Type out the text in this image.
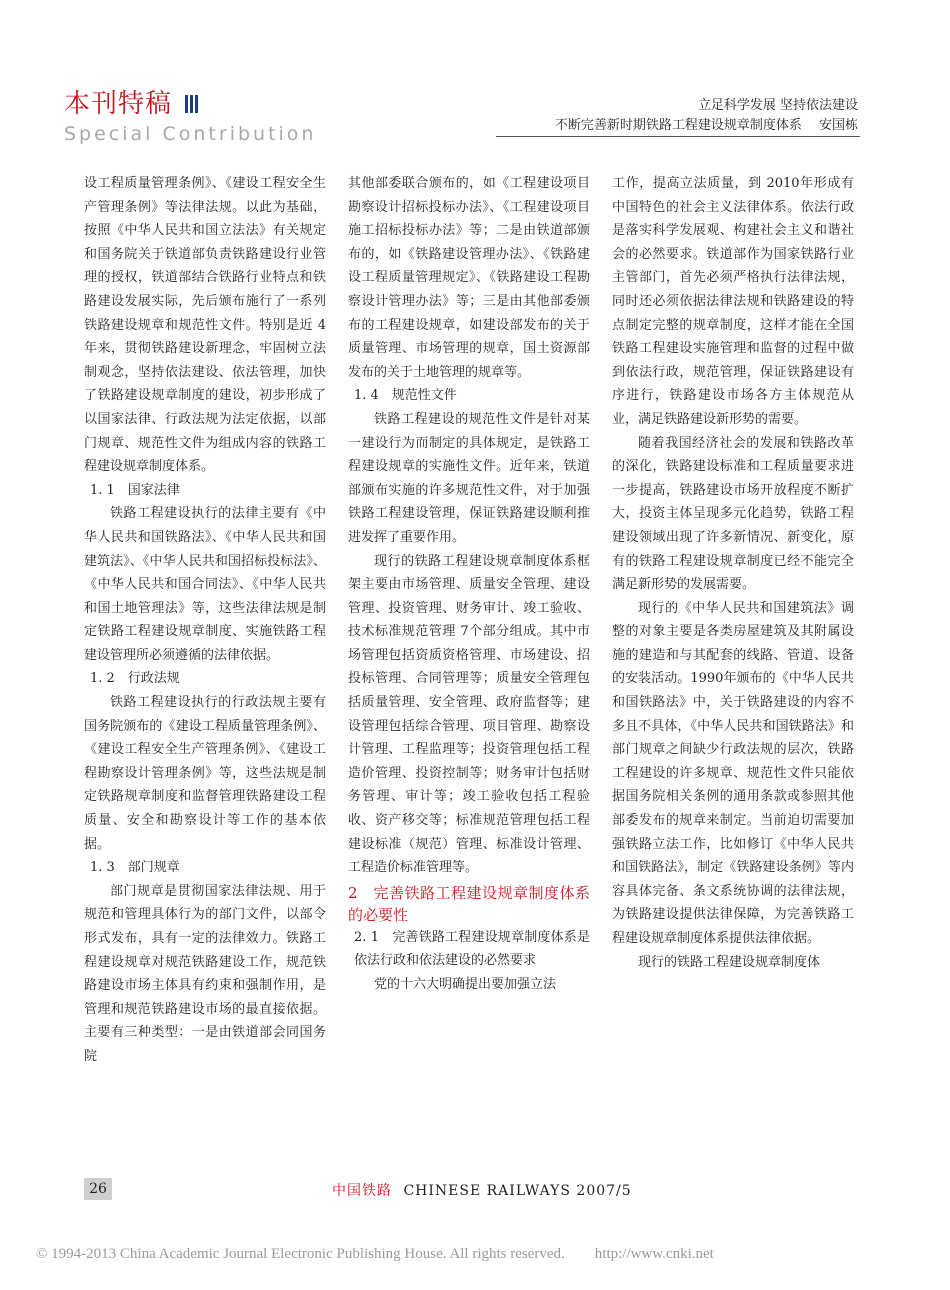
本刊特稿
Special Contribution
立足科学发展 坚持依法建设
不断完善新时期铁路工程建设规章制度体系　 安国栋

设工程质量管理条例》、《建设工程安全生产管理条例》等法律法规。以此为基础，按照《中华人民共和国立法法》有关规定和国务院关于铁道部负责铁路建设行业管理的授权，铁道部结合铁路行业特点和铁路建设发展实际，先后颁布施行了一系列铁路建设规章和规范性文件。特别是近 4年来，贯彻铁路建设新理念，牢固树立法制观念，坚持依法建设、依法管理，加快了铁路建设规章制度的建设，初步形成了以国家法律、行政法规为法定依据，以部门规章、规范性文件为组成内容的铁路工程建设规章制度体系。

1. 1　国家法律

铁路工程建设执行的法律主要有《中华人民共和国铁路法》、《中华人民共和国建筑法》、《中华人民共和国招标投标法》、《中华人民共和国合同法》、《中华人民共和国土地管理法》等，这些法律法规是制定铁路工程建设规章制度、实施铁路工程建设管理所必须遵循的法律依据。

1. 2　行政法规

铁路工程建设执行的行政法规主要有国务院颁布的《建设工程质量管理条例》、《建设工程安全生产管理条例》、《建设工程勘察设计管理条例》等，这些法规是制定铁路规章制度和监督管理铁路建设工程质量、安全和勘察设计等工作的基本依据。

1. 3　部门规章

部门规章是贯彻国家法律法规、用于规范和管理具体行为的部门文件，以部令形式发布，具有一定的法律效力。铁路工程建设规章对规范铁路建设工作，规范铁路建设市场主体具有约束和强制作用，是管理和规范铁路建设市场的最直接依据。主要有三种类型：一是由铁道部会同国务院

其他部委联合颁布的，如《工程建设项目勘察设计招标投标办法》、《工程建设项目施工招标投标办法》等；二是由铁道部颁布的，如《铁路建设管理办法》、《铁路建设工程质量管理规定》、《铁路建设工程勘察设计管理办法》等；三是由其他部委颁布的工程建设规章，如建设部发布的关于质量管理、市场管理的规章，国土资源部发布的关于土地管理的规章等。

1. 4　规范性文件

铁路工程建设的规范性文件是针对某一建设行为而制定的具体规定，是铁路工程建设规章的实施性文件。近年来，铁道部颁布实施的许多规范性文件，对于加强铁路工程建设管理，保证铁路建设顺利推进发挥了重要作用。

现行的铁路工程建设规章制度体系框架主要由市场管理、质量安全管理、建设管理、投资管理、财务审计、竣工验收、技术标准规范管理 7个部分组成。其中市场管理包括资质资格管理、市场建设、招投标管理、合同管理等；质量安全管理包括质量管理、安全管理、政府监督等；建设管理包括综合管理、项目管理、勘察设计管理、工程监理等；投资管理包括工程造价管理、投资控制等；财务审计包括财务管理、审计等；竣工验收包括工程验收、资产移交等；标准规范管理包括工程建设标准（规范）管理、标准设计管理、工程造价标准管理等。

2　完善铁路工程建设规章制度体系的必要性

2. 1　完善铁路工程建设规章制度体系是依法行政和依法建设的必然要求

党的十六大明确提出要加强立法

工作，提高立法质量，到 2010年形成有中国特色的社会主义法律体系。依法行政是落实科学发展观、构建社会主义和谐社会的必然要求。铁道部作为国家铁路行业主管部门，首先必须严格执行法律法规，同时还必须依据法律法规和铁路建设的特点制定完整的规章制度，这样才能在全国铁路工程建设实施管理和监督的过程中做到依法行政，规范管理，保证铁路建设有序进行，铁路建设市场各方主体规范从业，满足铁路建设新形势的需要。

随着我国经济社会的发展和铁路改革的深化，铁路建设标准和工程质量要求进一步提高，铁路建设市场开放程度不断扩大，投资主体呈现多元化趋势，铁路工程建设领域出现了许多新情况、新变化，原有的铁路工程建设规章制度已经不能完全满足新形势的发展需要。

现行的《中华人民共和国建筑法》调整的对象主要是各类房屋建筑及其附属设施的建造和与其配套的线路、管道、设备的安装活动。1990年颁布的《中华人民共和国铁路法》中，关于铁路建设的内容不多且不具体，《中华人民共和国铁路法》和部门规章之间缺少行政法规的层次，铁路工程建设的许多规章、规范性文件只能依据国务院相关条例的通用条款或参照其他部委发布的规章来制定。当前迫切需要加强铁路立法工作，比如修订《中华人民共和国铁路法》，制定《铁路建设条例》等内容具体完备、条文系统协调的法律法规，为铁路建设提供法律保障，为完善铁路工程建设规章制度体系提供法律依据。

现行的铁路工程建设规章制度体

26	中国铁路 CHINESE RAILWAYS 2007/5
© 1994-2013 China Academic Journal Electronic Publishing House. All rights reserved.　　http://www.cnki.net
